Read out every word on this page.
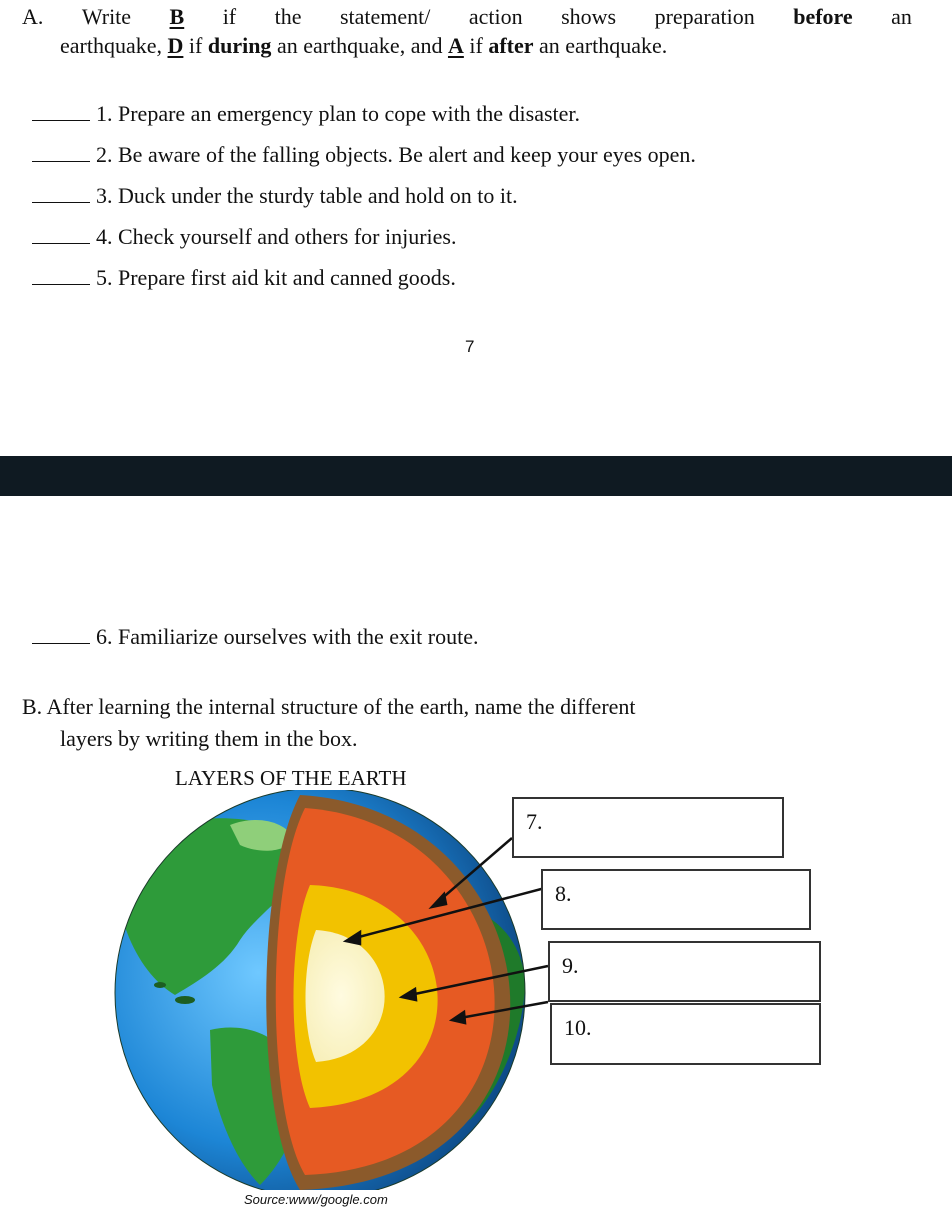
A. Write B if the statement/ action shows preparation before an
earthquake, D if during an earthquake, and A if after an earthquake.
1. Prepare an emergency plan to cope with the disaster.
2. Be aware of the falling objects. Be alert and keep your eyes open.
3. Duck under the sturdy table and hold on to it.
4. Check yourself and others for injuries.
5. Prepare first aid kit and canned goods.
7
6. Familiarize ourselves with the exit route.
B. After learning the internal structure of the earth, name the different
layers by writing them in the box.
LAYERS OF THE EARTH
7.
8.
9.
10.
Source:www/google.com
